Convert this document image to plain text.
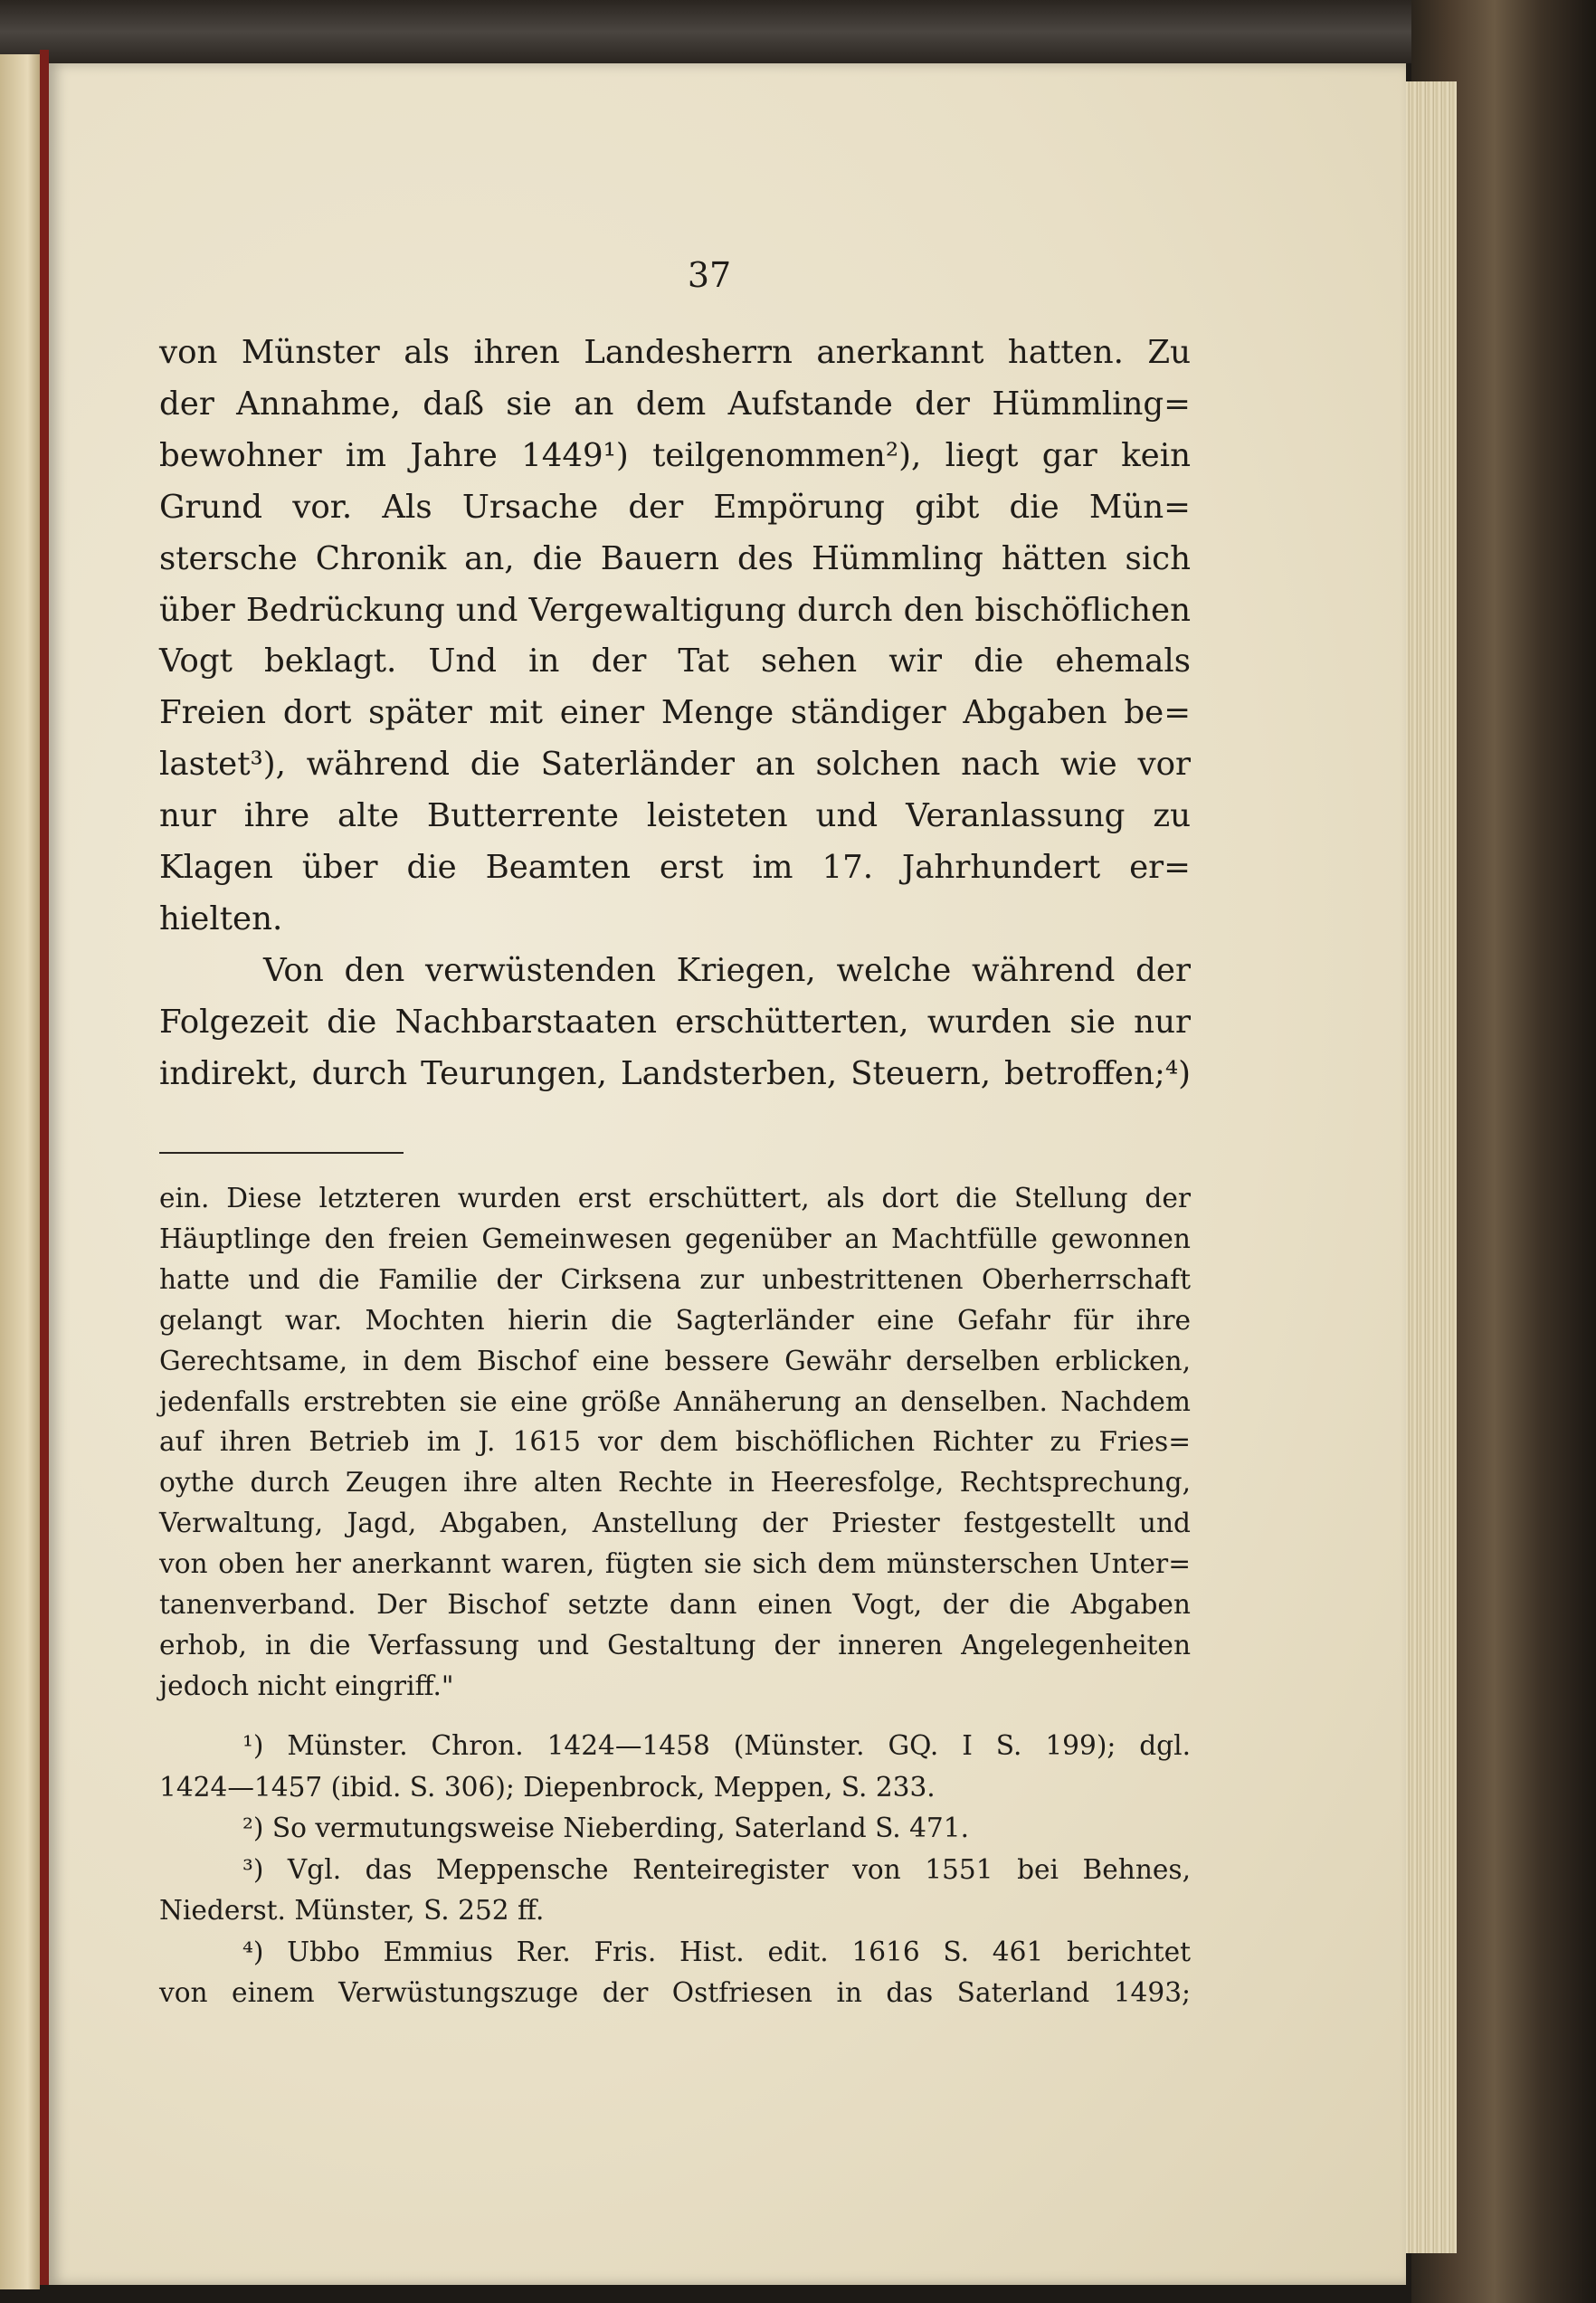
37
von Münster als ihren Landesherrn anerkannt hatten. Zu
der Annahme, daß sie an dem Aufstande der Hümmling=
bewohner im Jahre 1449¹) teilgenommen²), liegt gar kein
Grund vor. Als Ursache der Empörung gibt die Mün=
stersche Chronik an, die Bauern des Hümmling hätten sich
über Bedrückung und Vergewaltigung durch den bischöflichen
Vogt beklagt. Und in der Tat sehen wir die ehemals
Freien dort später mit einer Menge ständiger Abgaben be=
lastet³), während die Saterländer an solchen nach wie vor
nur ihre alte Butterrente leisteten und Veranlassung zu
Klagen über die Beamten erst im 17. Jahrhundert er=
hielten.
Von den verwüstenden Kriegen, welche während der
Folgezeit die Nachbarstaaten erschütterten, wurden sie nur
indirekt, durch Teurungen, Landsterben, Steuern, betroffen;⁴)
ein. Diese letzteren wurden erst erschüttert, als dort die Stellung der
Häuptlinge den freien Gemeinwesen gegenüber an Machtfülle gewonnen
hatte und die Familie der Cirksena zur unbestrittenen Oberherrschaft
gelangt war. Mochten hierin die Sagterländer eine Gefahr für ihre
Gerechtsame, in dem Bischof eine bessere Gewähr derselben erblicken,
jedenfalls erstrebten sie eine größe Annäherung an denselben. Nachdem
auf ihren Betrieb im J. 1615 vor dem bischöflichen Richter zu Fries=
oythe durch Zeugen ihre alten Rechte in Heeresfolge, Rechtsprechung,
Verwaltung, Jagd, Abgaben, Anstellung der Priester festgestellt und
von oben her anerkannt waren, fügten sie sich dem münsterschen Unter=
tanenverband. Der Bischof setzte dann einen Vogt, der die Abgaben
erhob, in die Verfassung und Gestaltung der inneren Angelegenheiten
jedoch nicht eingriff."
¹) Münster. Chron. 1424—1458 (Münster. GQ. I S. 199); dgl.
1424—1457 (ibid. S. 306); Diepenbrock, Meppen, S. 233.
²) So vermutungsweise Nieberding, Saterland S. 471.
³) Vgl. das Meppensche Renteiregister von 1551 bei Behnes,
Niederst. Münster, S. 252 ff.
⁴) Ubbo Emmius Rer. Fris. Hist. edit. 1616 S. 461 berichtet
von einem Verwüstungszuge der Ostfriesen in das Saterland 1493;
